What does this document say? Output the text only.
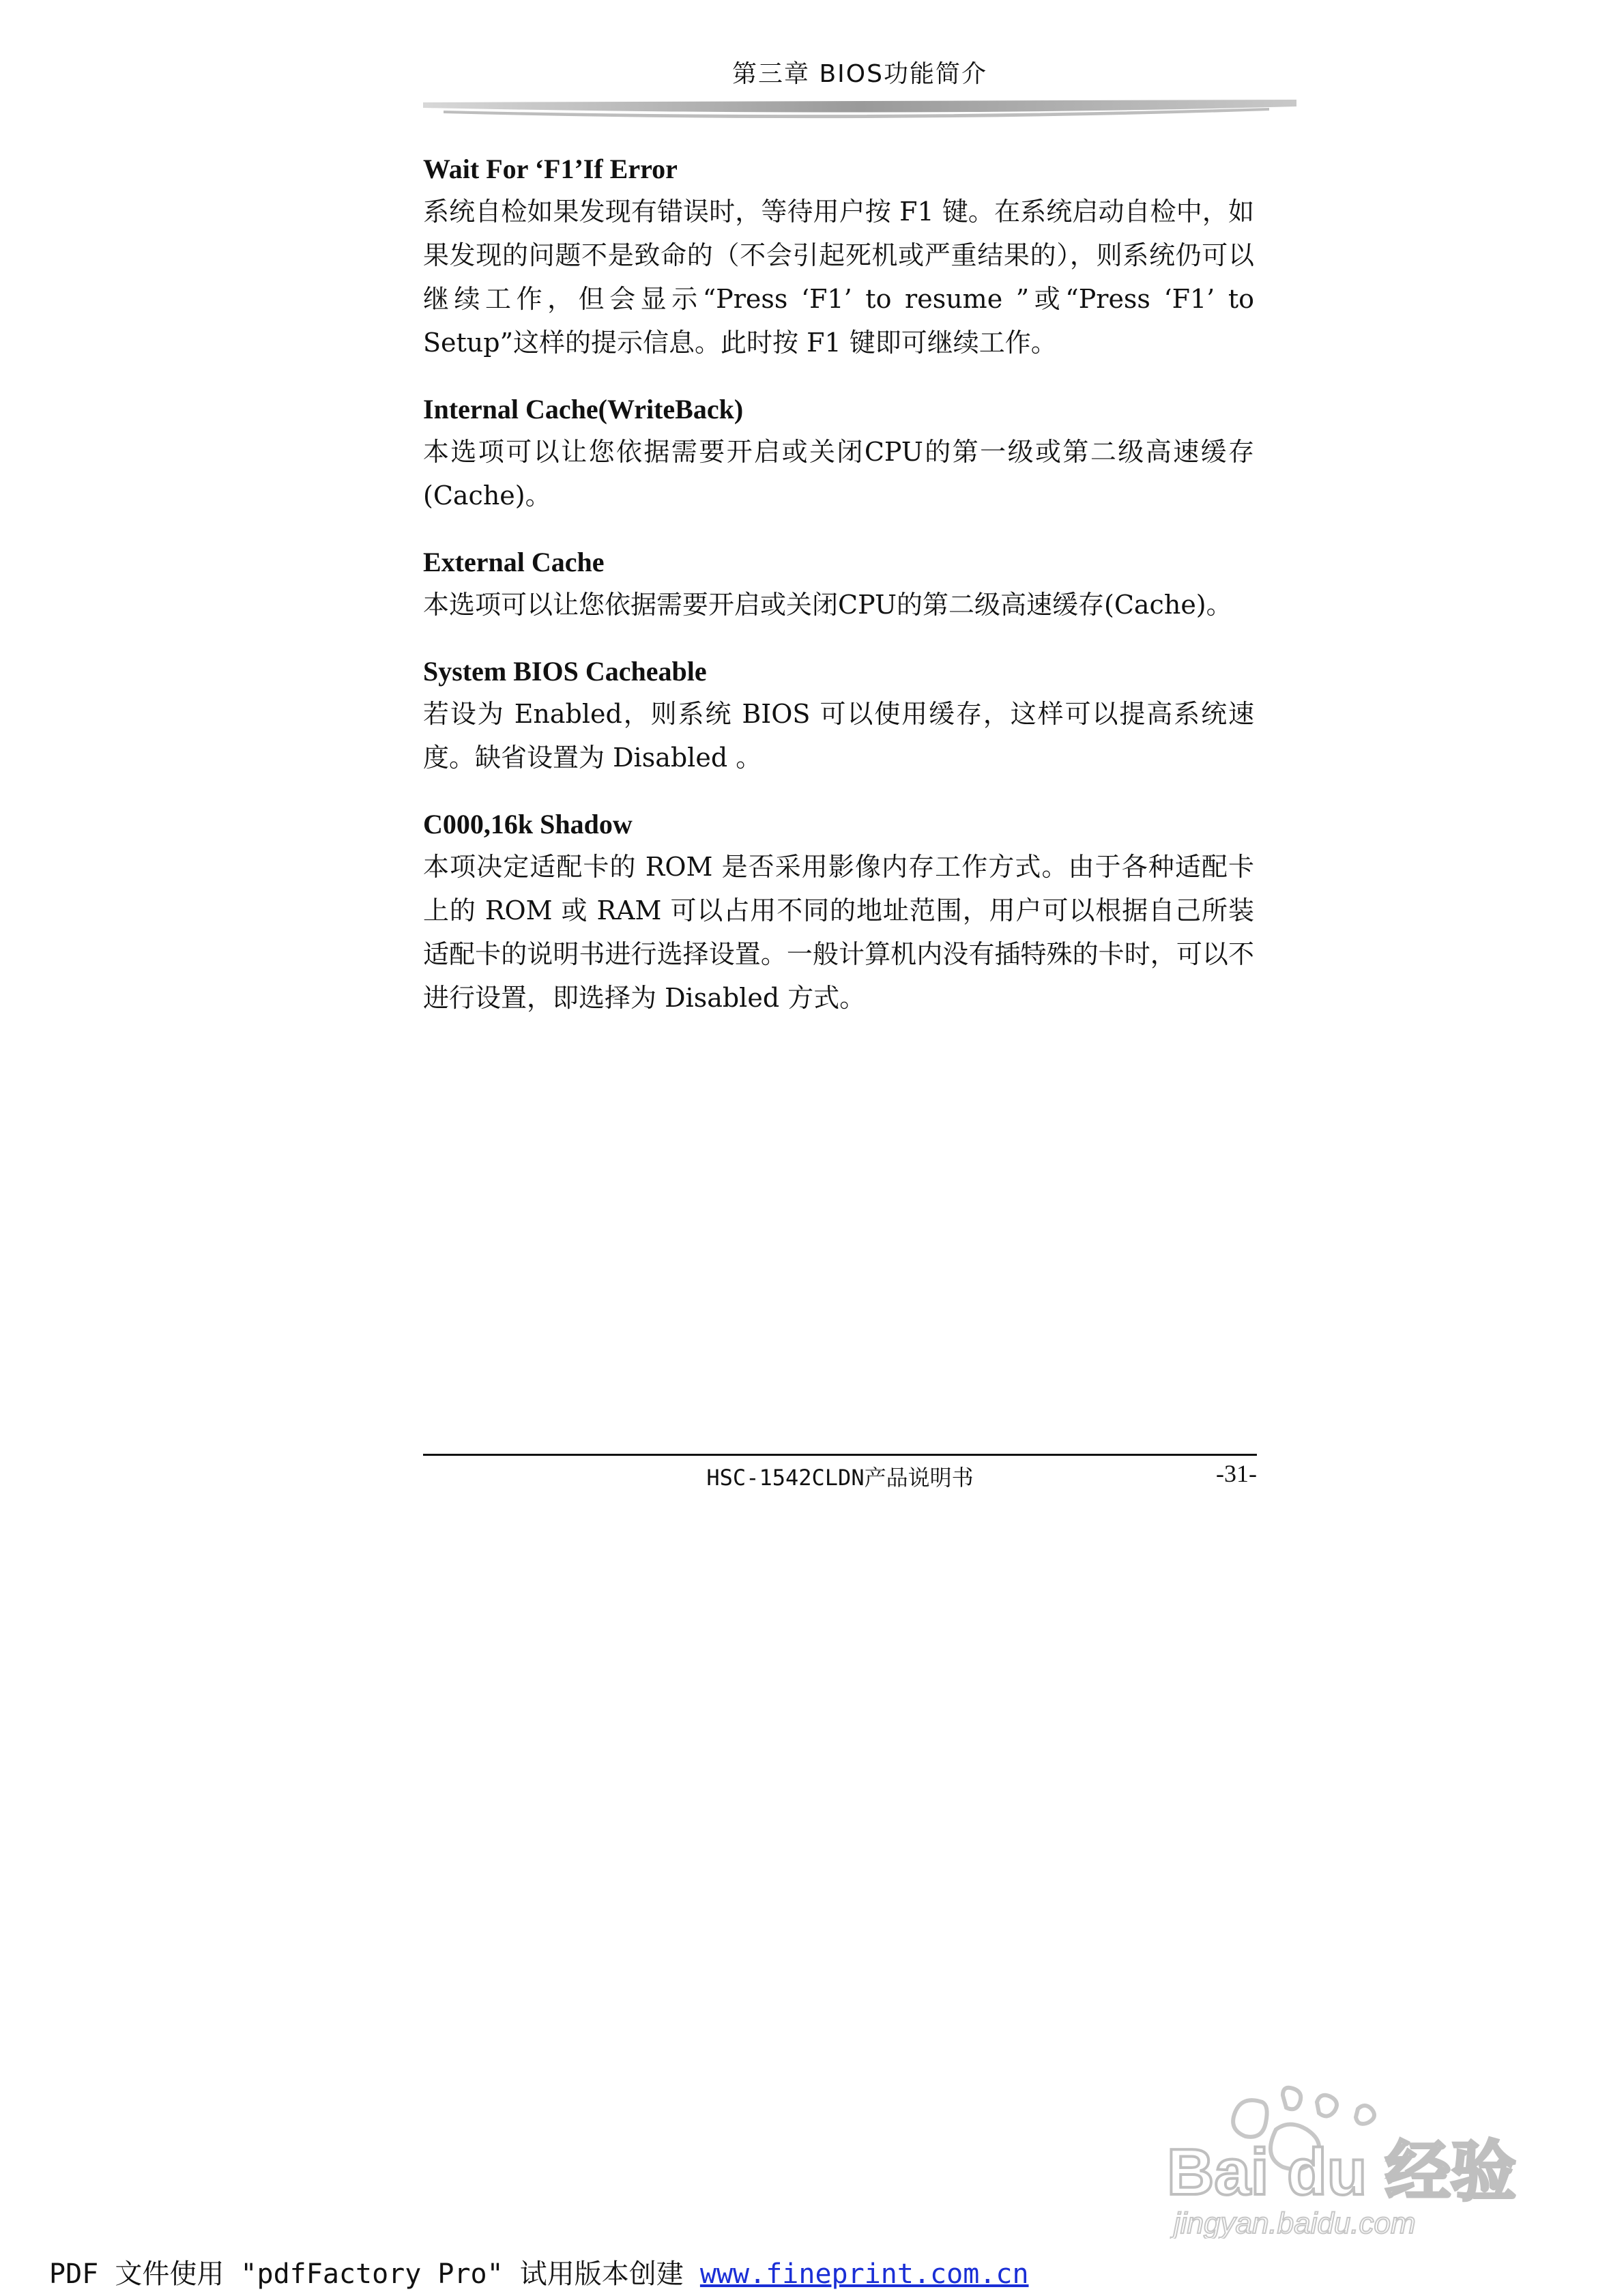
第三章 BIOS功能简介

Wait For ‘F1’If Error

系统自检如果发现有错误时，等待用户按 F1 键。在系统启动自检中，如果发现的问题不是致命的（不会引起死机或严重结果的），则系统仍可以继续工作，但会显示“Press ‘F1’ to resume ”或“Press ‘F1’ to Setup”这样的提示信息。此时按 F1 键即可继续工作。

Internal Cache(WriteBack)

本选项可以让您依据需要开启或关闭CPU的第一级或第二级高速缓存(Cache)。

External Cache

本选项可以让您依据需要开启或关闭CPU的第二级高速缓存(Cache)。

System BIOS Cacheable

若设为 Enabled，则系统 BIOS 可以使用缓存，这样可以提高系统速度。缺省设置为 Disabled 。

C000,16k Shadow

本项决定适配卡的 ROM 是否采用影像内存工作方式。由于各种适配卡上的 ROM 或 RAM 可以占用不同的地址范围，用户可以根据自己所装适配卡的说明书进行选择设置。一般计算机内没有插特殊的卡时，可以不进行设置，即选择为 Disabled 方式。

HSC-1542CLDN产品说明书	-31-
Bai du 经验
jingyan.baidu.com
PDF 文件使用 "pdfFactory Pro" 试用版本创建 www.fineprint.com.cn
